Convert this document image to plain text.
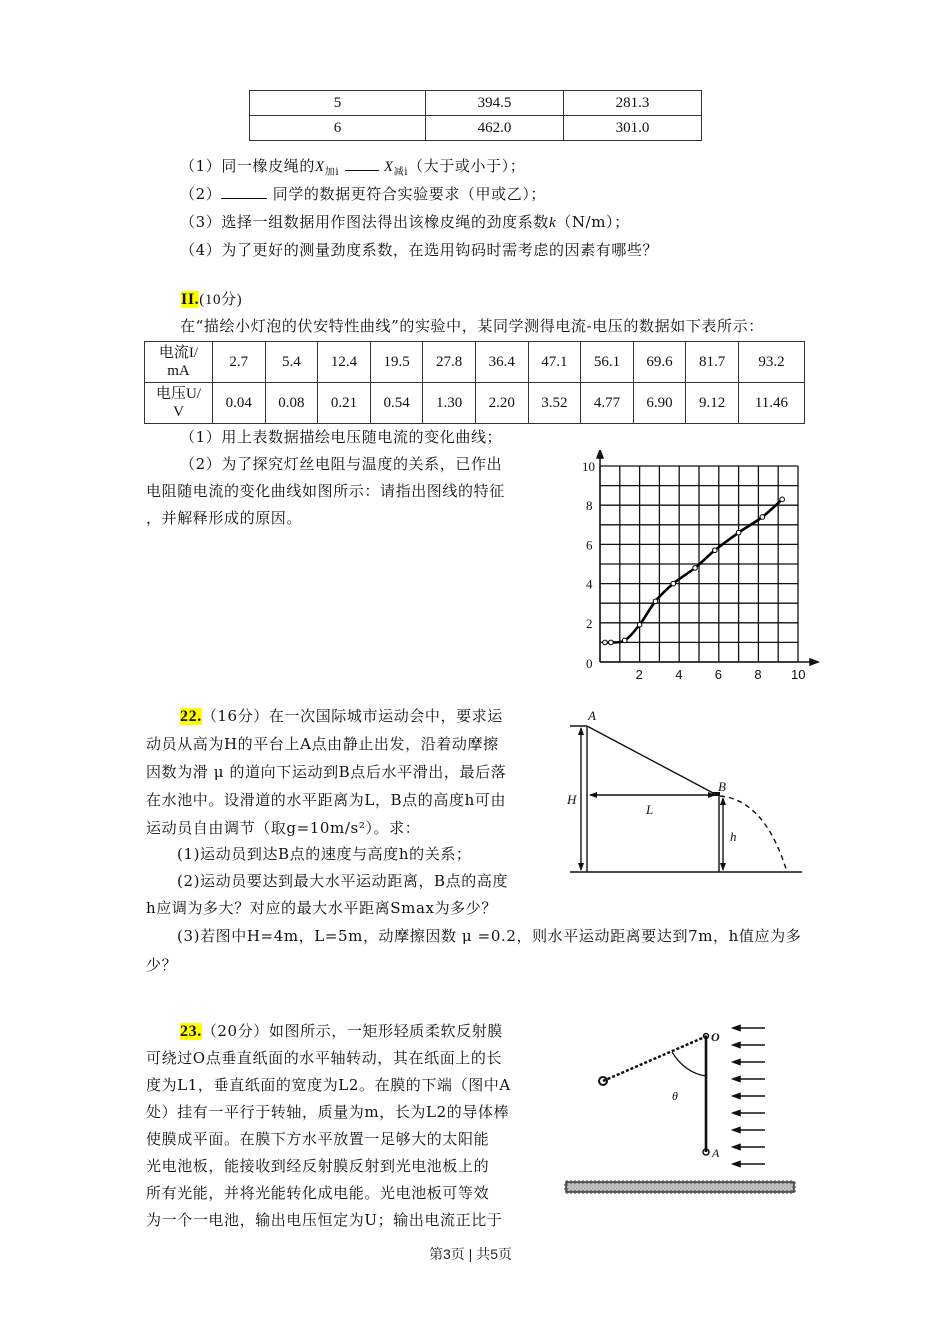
5	394.5	281.3
6	462.0	301.0
（1）同一橡皮绳的$X_{加i}$	$X_{减i}$（大于或小于）；
（2）	同学的数据更符合实验要求（甲或乙）；
（3）选择一组数据用作图法得出该橡皮绳的劲度系数k（N/m）；
（4）为了更好的测量劲度系数，在选用钩码时需考虑的因素有哪些？
II.(10分)
在“描绘小灯泡的伏安特性曲线”的实验中，某同学测得电流-电压的数据如下表所示：
电流I/
mA	2.7	5.4	12.4	19.5	27.8	36.4	47.1	56.1	69.6	81.7	93.2
电压U/
V	0.04	0.08	0.21	0.54	1.30	2.20	3.52	4.77	6.90	9.12	11.46
（1）用上表数据描绘电压随电流的变化曲线；
（2）为了探究灯丝电阻与温度的关系，已作出
电阻随电流的变化曲线如图所示：请指出图线的特征
，并解释形成的原因。
0
2
4
6
8
10
2 4 6 8 10
22.（16分）在一次国际城市运动会中，要求运
动员从高为H的平台上A点由静止出发，沿着动摩擦
因数为滑 μ 的道向下运动到B点后水平滑出，最后落
在水池中。设滑道的水平距离为L，B点的高度h可由
运动员自由调节（取g=10m/s²）。求：
(1)运动员到达B点的速度与高度h的关系；
(2)运动员要达到最大水平运动距离，B点的高度
h应调为多大？对应的最大水平距离Smax为多少？
(3)若图中H=4m，L=5m，动摩擦因数 μ =0.2，则水平运动距离要达到7m，h值应为多
少？
A
B
H
L
h
23.（20分）如图所示，一矩形轻质柔软反射膜
可绕过O点垂直纸面的水平轴转动，其在纸面上的长
度为L1，垂直纸面的宽度为L2。在膜的下端（图中A
处）挂有一平行于转轴，质量为m，长为L2的导体棒
使膜成平面。在膜下方水平放置一足够大的太阳能
光电池板，能接收到经反射膜反射到光电池板上的
所有光能，并将光能转化成电能。光电池板可等效
为一个一电池，输出电压恒定为U；输出电流正比于
O
θ
A
第3页 | 共5页
